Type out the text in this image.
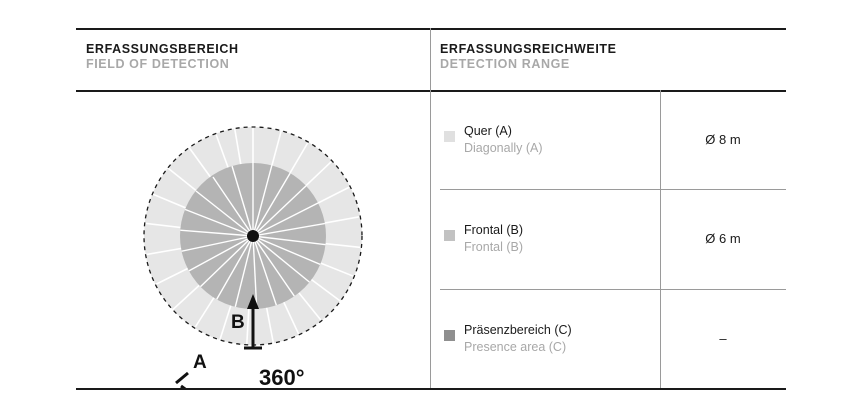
ERFASSUNGSBEREICH
FIELD OF DETECTION
ERFASSUNGSREICHWEITE
DETECTION RANGE
360°
A
B
Quer (A)
Diagonally (A)
Ø 8 m
Frontal (B)
Frontal (B)
Ø 6 m
Präsenzbereich (C)
Presence area (C)
–
